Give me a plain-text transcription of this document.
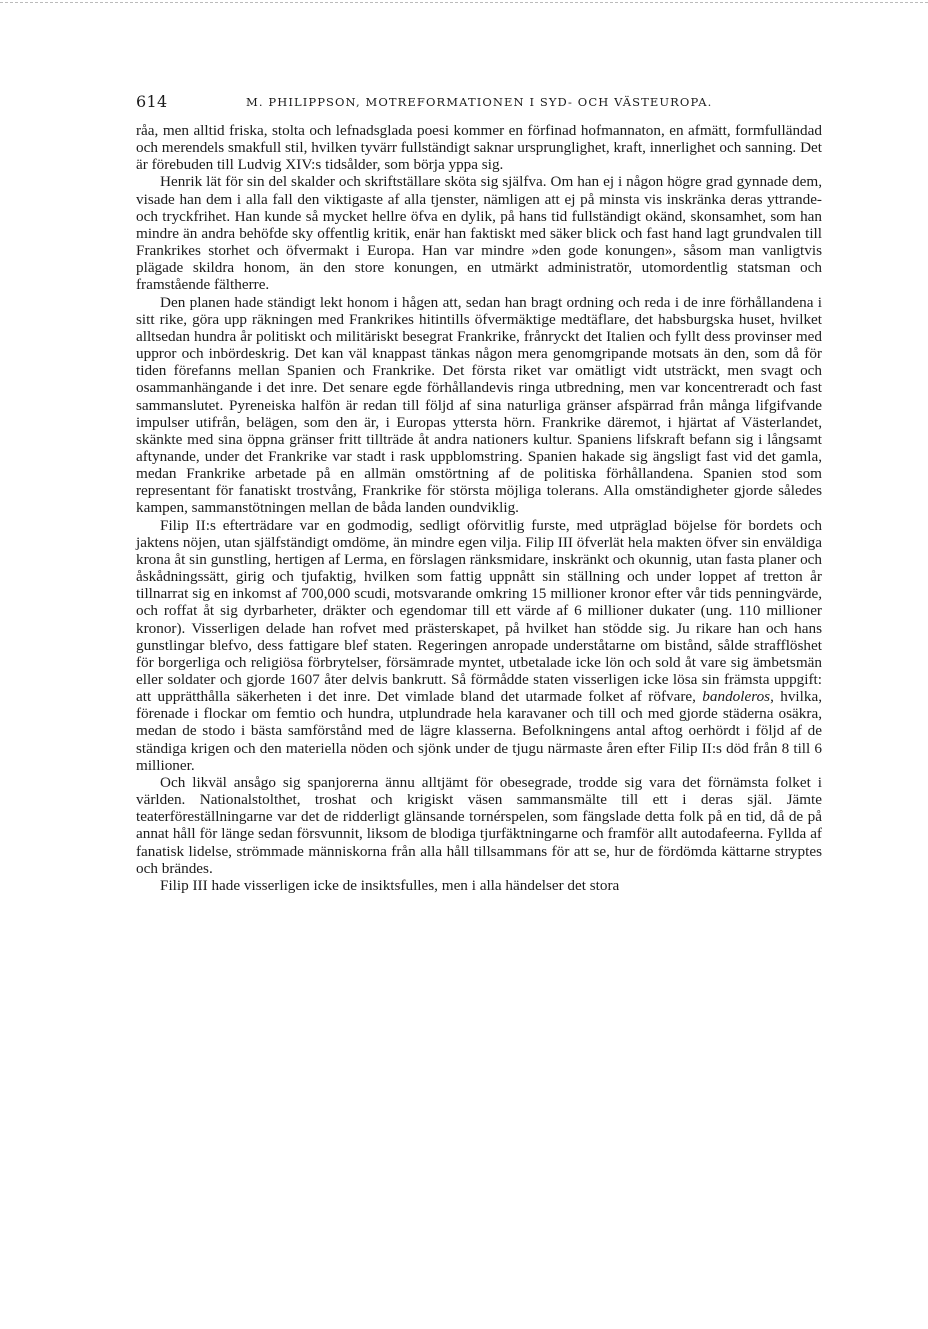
614	M. PHILIPPSON, MOTREFORMATIONEN I SYD- OCH VÄSTEUROPA.

råa, men alltid friska, stolta och lefnadsglada poesi kommer en förfinad hofmannaton, en afmätt, formfulländad och merendels smakfull stil, hvilken tyvärr fullständigt saknar ursprunglighet, kraft, innerlighet och sanning. Det är förebuden till Ludvig XIV:s tidsålder, som börja yppa sig.

Henrik lät för sin del skalder och skriftställare sköta sig själfva. Om han ej i någon högre grad gynnade dem, visade han dem i alla fall den viktigaste af alla tjenster, nämligen att ej på minsta vis inskränka deras yttrande- och tryckfrihet. Han kunde så mycket hellre öfva en dylik, på hans tid fullständigt okänd, skonsamhet, som han mindre än andra behöfde sky offentlig kritik, enär han faktiskt med säker blick och fast hand lagt grundvalen till Frankrikes storhet och öfvermakt i Europa. Han var mindre »den gode konungen», såsom man vanligtvis plägade skildra honom, än den store konungen, en utmärkt administratör, utomordentlig statsman och framstående fältherre.

Den planen hade ständigt lekt honom i hågen att, sedan han bragt ordning och reda i de inre förhållandena i sitt rike, göra upp räkningen med Frankrikes hitintills öfvermäktige medtäflare, det habsburgska huset, hvilket alltsedan hundra år politiskt och militäriskt besegrat Frankrike, frånryckt det Italien och fyllt dess provinser med uppror och inbördeskrig. Det kan väl knappast tänkas någon mera genomgripande motsats än den, som då för tiden förefanns mellan Spanien och Frankrike. Det första riket var omätligt vidt utsträckt, men svagt och osammanhängande i det inre. Det senare egde förhållandevis ringa utbredning, men var koncentreradt och fast sammanslutet. Pyreneiska halfön är redan till följd af sina naturliga gränser afspärrad från många lifgifvande impulser utifrån, belägen, som den är, i Europas yttersta hörn. Frankrike däremot, i hjärtat af Västerlandet, skänkte med sina öppna gränser fritt tillträde åt andra nationers kultur. Spaniens lifskraft befann sig i långsamt aftynande, under det Frankrike var stadt i rask uppblomstring. Spanien hakade sig ängsligt fast vid det gamla, medan Frankrike arbetade på en allmän omstörtning af de politiska förhållandena. Spanien stod som representant för fanatiskt trostvång, Frankrike för största möjliga tolerans. Alla omständigheter gjorde således kampen, sammanstötningen mellan de båda landen oundviklig.

Filip II:s efterträdare var en godmodig, sedligt oförvitlig furste, med utpräglad böjelse för bordets och jaktens nöjen, utan själfständigt omdöme, än mindre egen vilja. Filip III öfverlät hela makten öfver sin enväldiga krona åt sin gunstling, hertigen af Lerma, en förslagen ränksmidare, inskränkt och okunnig, utan fasta planer och åskådningssätt, girig och tjufaktig, hvilken som fattig uppnått sin ställning och under loppet af tretton år tillnarrat sig en inkomst af 700,000 scudi, motsvarande omkring 15 millioner kronor efter vår tids penningvärde, och roffat åt sig dyrbarheter, dräkter och egendomar till ett värde af 6 millioner dukater (ung. 110 millioner kronor). Visserligen delade han rofvet med prästerskapet, på hvilket han stödde sig. Ju rikare han och hans gunstlingar blefvo, dess fattigare blef staten. Regeringen anropade underståtarne om bistånd, sålde strafflöshet för borgerliga och religiösa förbrytelser, försämrade myntet, utbetalade icke lön och sold åt vare sig ämbetsmän eller soldater och gjorde 1607 åter delvis bankrutt. Så förmådde staten visserligen icke lösa sin främsta uppgift: att upprätthålla säkerheten i det inre. Det vimlade bland det utarmade folket af röfvare, bandoleros, hvilka, förenade i flockar om femtio och hundra, utplundrade hela karavaner och till och med gjorde städerna osäkra, medan de stodo i bästa samförstånd med de lägre klasserna. Befolkningens antal aftog oerhördt i följd af de ständiga krigen och den materiella nöden och sjönk under de tjugu närmaste åren efter Filip II:s död från 8 till 6 millioner.

Och likväl ansågo sig spanjorerna ännu alltjämt för obesegrade, trodde sig vara det förnämsta folket i världen. Nationalstolthet, troshat och krigiskt väsen sammansmälte till ett i deras själ. Jämte teaterföreställningarne var det de ridderligt glänsande tornérspelen, som fängslade detta folk på en tid, då de på annat håll för länge sedan försvunnit, liksom de blodiga tjurfäktningarne och framför allt autodafeerna. Fyllda af fanatisk lidelse, strömmade människorna från alla håll tillsammans för att se, hur de fördömda kättarne stryptes och brändes.

Filip III hade visserligen icke de insiktsfulles, men i alla händelser det stora
